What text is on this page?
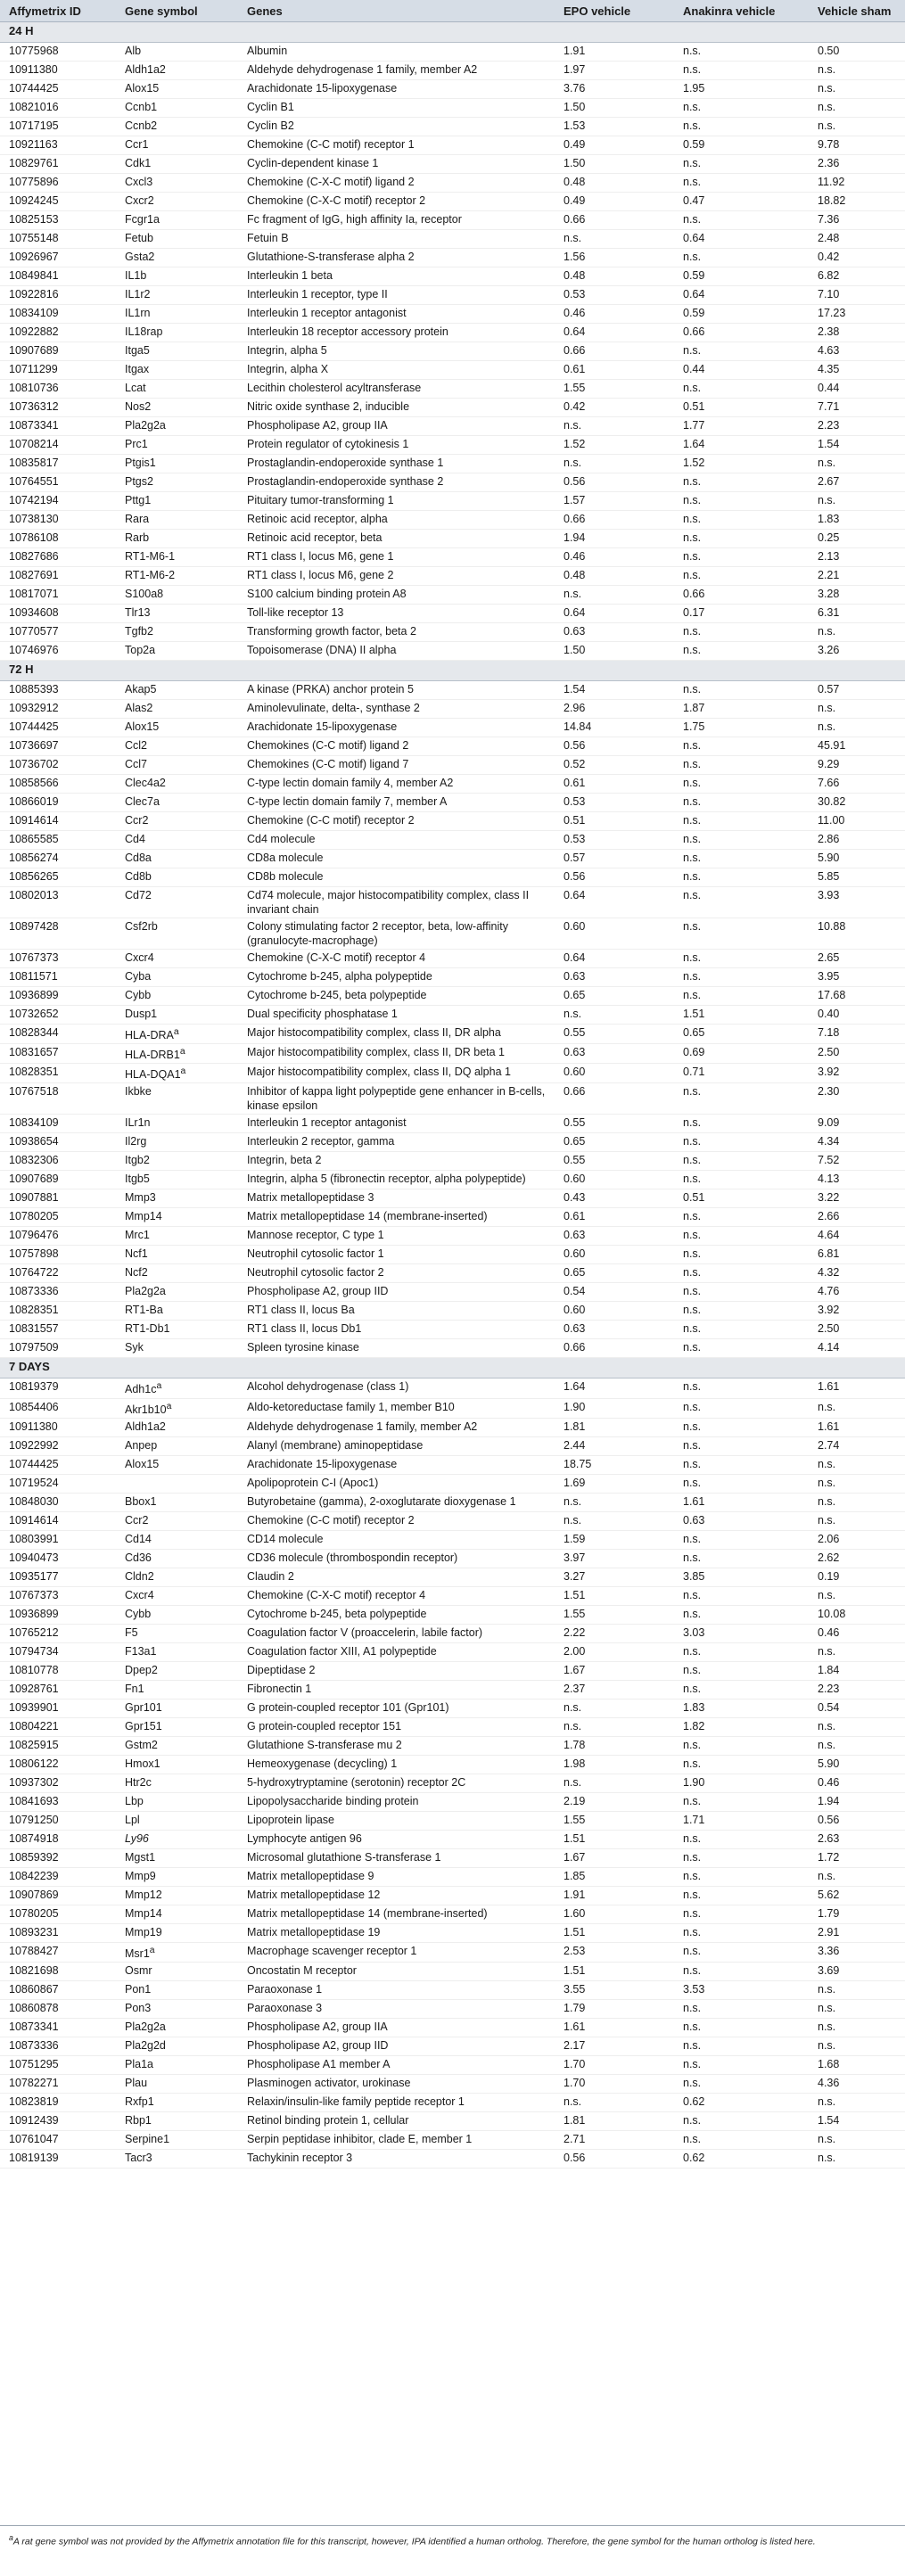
Affymetrix ID	Gene symbol	Genes	EPO vehicle	Anakinra vehicle	Vehicle sham
24 H					
10775968	Alb	Albumin	1.91	n.s.	0.50
10911380	Aldh1a2	Aldehyde dehydrogenase 1 family, member A2	1.97	n.s.	n.s.
10744425	Alox15	Arachidonate 15-lipoxygenase	3.76	1.95	n.s.
10821016	Ccnb1	Cyclin B1	1.50	n.s.	n.s.
10717195	Ccnb2	Cyclin B2	1.53	n.s.	n.s.
10921163	Ccr1	Chemokine (C-C motif) receptor 1	0.49	0.59	9.78
10829761	Cdk1	Cyclin-dependent kinase 1	1.50	n.s.	2.36
10775896	Cxcl3	Chemokine (C-X-C motif) ligand 2	0.48	n.s.	11.92
10924245	Cxcr2	Chemokine (C-X-C motif) receptor 2	0.49	0.47	18.82
10825153	Fcgr1a	Fc fragment of IgG, high affinity Ia, receptor	0.66	n.s.	7.36
10755148	Fetub	Fetuin B	n.s.	0.64	2.48
10926967	Gsta2	Glutathione-S-transferase alpha 2	1.56	n.s.	0.42
10849841	IL1b	Interleukin 1 beta	0.48	0.59	6.82
10922816	IL1r2	Interleukin 1 receptor, type II	0.53	0.64	7.10
10834109	IL1rn	Interleukin 1 receptor antagonist	0.46	0.59	17.23
10922882	IL18rap	Interleukin 18 receptor accessory protein	0.64	0.66	2.38
10907689	Itga5	Integrin, alpha 5	0.66	n.s.	4.63
10711299	Itgax	Integrin, alpha X	0.61	0.44	4.35
10810736	Lcat	Lecithin cholesterol acyltransferase	1.55	n.s.	0.44
10736312	Nos2	Nitric oxide synthase 2, inducible	0.42	0.51	7.71
10873341	Pla2g2a	Phospholipase A2, group IIA	n.s.	1.77	2.23
10708214	Prc1	Protein regulator of cytokinesis 1	1.52	1.64	1.54
10835817	Ptgis1	Prostaglandin-endoperoxide synthase 1	n.s.	1.52	n.s.
10764551	Ptgs2	Prostaglandin-endoperoxide synthase 2	0.56	n.s.	2.67
10742194	Pttg1	Pituitary tumor-transforming 1	1.57	n.s.	n.s.
10738130	Rara	Retinoic acid receptor, alpha	0.66	n.s.	1.83
10786108	Rarb	Retinoic acid receptor, beta	1.94	n.s.	0.25
10827686	RT1-M6-1	RT1 class I, locus M6, gene 1	0.46	n.s.	2.13
10827691	RT1-M6-2	RT1 class I, locus M6, gene 2	0.48	n.s.	2.21
10817071	S100a8	S100 calcium binding protein A8	n.s.	0.66	3.28
10934608	Tlr13	Toll-like receptor 13	0.64	0.17	6.31
10770577	Tgfb2	Transforming growth factor, beta 2	0.63	n.s.	n.s.
10746976	Top2a	Topoisomerase (DNA) II alpha	1.50	n.s.	3.26
72 H					
10885393	Akap5	A kinase (PRKA) anchor protein 5	1.54	n.s.	0.57
10932912	Alas2	Aminolevulinate, delta-, synthase 2	2.96	1.87	n.s.
10744425	Alox15	Arachidonate 15-lipoxygenase	14.84	1.75	n.s.
10736697	Ccl2	Chemokines (C-C motif) ligand 2	0.56	n.s.	45.91
10736702	Ccl7	Chemokines (C-C motif) ligand 7	0.52	n.s.	9.29
10858566	Clec4a2	C-type lectin domain family 4, member A2	0.61	n.s.	7.66
10866019	Clec7a	C-type lectin domain family 7, member A	0.53	n.s.	30.82
10914614	Ccr2	Chemokine (C-C motif) receptor 2	0.51	n.s.	11.00
10865585	Cd4	Cd4 molecule	0.53	n.s.	2.86
10856274	Cd8a	CD8a molecule	0.57	n.s.	5.90
10856265	Cd8b	CD8b molecule	0.56	n.s.	5.85
10802013	Cd72	Cd74 molecule, major histocompatibility complex, class II invariant chain	0.64	n.s.	3.93
10897428	Csf2rb	Colony stimulating factor 2 receptor, beta, low-affinity (granulocyte-macrophage)	0.60	n.s.	10.88
10767373	Cxcr4	Chemokine (C-X-C motif) receptor 4	0.64	n.s.	2.65
10811571	Cyba	Cytochrome b-245, alpha polypeptide	0.63	n.s.	3.95
10936899	Cybb	Cytochrome b-245, beta polypeptide	0.65	n.s.	17.68
10732652	Dusp1	Dual specificity phosphatase 1	n.s.	1.51	0.40
10828344	HLA-DRA$^a$	Major histocompatibility complex, class II, DR alpha	0.55	0.65	7.18
10831657	HLA-DRB1$^a$	Major histocompatibility complex, class II, DR beta 1	0.63	0.69	2.50
10828351	HLA-DQA1$^a$	Major histocompatibility complex, class II, DQ alpha 1	0.60	0.71	3.92
10767518	Ikbke	Inhibitor of kappa light polypeptide gene enhancer in B-cells, kinase epsilon	0.66	n.s.	2.30
10834109	ILr1n	Interleukin 1 receptor antagonist	0.55	n.s.	9.09
10938654	Il2rg	Interleukin 2 receptor, gamma	0.65	n.s.	4.34
10832306	Itgb2	Integrin, beta 2	0.55	n.s.	7.52
10907689	Itgb5	Integrin, alpha 5 (fibronectin receptor, alpha polypeptide)	0.60	n.s.	4.13
10907881	Mmp3	Matrix metallopeptidase 3	0.43	0.51	3.22
10780205	Mmp14	Matrix metallopeptidase 14 (membrane-inserted)	0.61	n.s.	2.66
10796476	Mrc1	Mannose receptor, C type 1	0.63	n.s.	4.64
10757898	Ncf1	Neutrophil cytosolic factor 1	0.60	n.s.	6.81
10764722	Ncf2	Neutrophil cytosolic factor 2	0.65	n.s.	4.32
10873336	Pla2g2a	Phospholipase A2, group IID	0.54	n.s.	4.76
10828351	RT1-Ba	RT1 class II, locus Ba	0.60	n.s.	3.92
10831557	RT1-Db1	RT1 class II, locus Db1	0.63	n.s.	2.50
10797509	Syk	Spleen tyrosine kinase	0.66	n.s.	4.14
7 DAYS					
10819379	$Adh1c^a$	Alcohol dehydrogenase (class 1)	1.64	n.s.	1.61
10854406	Akr1b10$^a$	Aldo-ketoreductase family 1, member B10	1.90	n.s.	n.s.
10911380	Aldh1a2	Aldehyde dehydrogenase 1 family, member A2	1.81	n.s.	1.61
10922992	Anpep	Alanyl (membrane) aminopeptidase	2.44	n.s.	2.74
10744425	Alox15	Arachidonate 15-lipoxygenase	18.75	n.s.	n.s.
10719524		Apolipoprotein C-I (Apoc1)	1.69	n.s.	n.s.
10848030	Bbox1	Butyrobetaine (gamma), 2-oxoglutarate dioxygenase 1	n.s.	1.61	n.s.
10914614	Ccr2	Chemokine (C-C motif) receptor 2	n.s.	0.63	n.s.
10803991	Cd14	CD14 molecule	1.59	n.s.	2.06
10940473	Cd36	CD36 molecule (thrombospondin receptor)	3.97	n.s.	2.62
10935177	Cldn2	Claudin 2	3.27	3.85	0.19
10767373	Cxcr4	Chemokine (C-X-C motif) receptor 4	1.51	n.s.	n.s.
10936899	Cybb	Cytochrome b-245, beta polypeptide	1.55	n.s.	10.08
10765212	F5	Coagulation factor V (proaccelerin, labile factor)	2.22	3.03	0.46
10794734	F13a1	Coagulation factor XIII, A1 polypeptide	2.00	n.s.	n.s.
10810778	Dpep2	Dipeptidase 2	1.67	n.s.	1.84
10928761	Fn1	Fibronectin 1	2.37	n.s.	2.23
10939901	Gpr101	G protein-coupled receptor 101 (Gpr101)	n.s.	1.83	0.54
10804221	Gpr151	G protein-coupled receptor 151	n.s.	1.82	n.s.
10825915	Gstm2	Glutathione S-transferase mu 2	1.78	n.s.	n.s.
10806122	Hmox1	Hemeoxygenase (decycling) 1	1.98	n.s.	5.90
10937302	Htr2c	5-hydroxytryptamine (serotonin) receptor 2C	n.s.	1.90	0.46
10841693	Lbp	Lipopolysaccharide binding protein	2.19	n.s.	1.94
10791250	Lpl	Lipoprotein lipase	1.55	1.71	0.56
10874918	Ly96	Lymphocyte antigen 96	1.51	n.s.	2.63
10859392	Mgst1	Microsomal glutathione S-transferase 1	1.67	n.s.	1.72
10842239	Mmp9	Matrix metallopeptidase 9	1.85	n.s.	n.s.
10907869	Mmp12	Matrix metallopeptidase 12	1.91	n.s.	5.62
10780205	Mmp14	Matrix metallopeptidase 14 (membrane-inserted)	1.60	n.s.	1.79
10893231	Mmp19	Matrix metallopeptidase 19	1.51	n.s.	2.91
10788427	Msr1$^a$	Macrophage scavenger receptor 1	2.53	n.s.	3.36
10821698	Osmr	Oncostatin M receptor	1.51	n.s.	3.69
10860867	Pon1	Paraoxonase 1	3.55	3.53	n.s.
10860878	Pon3	Paraoxonase 3	1.79	n.s.	n.s.
10873341	Pla2g2a	Phospholipase A2, group IIA	1.61	n.s.	n.s.
10873336	Pla2g2d	Phospholipase A2, group IID	2.17	n.s.	n.s.
10751295	Pla1a	Phospholipase A1 member A	1.70	n.s.	1.68
10782271	Plau	Plasminogen activator, urokinase	1.70	n.s.	4.36
10823819	Rxfp1	Relaxin/insulin-like family peptide receptor 1	n.s.	0.62	n.s.
10912439	Rbp1	Retinol binding protein 1, cellular	1.81	n.s.	1.54
10761047	Serpine1	Serpin peptidase inhibitor, clade E, member 1	2.71	n.s.	n.s.
10819139	Tacr3	Tachykinin receptor 3	0.56	0.62	n.s.
$^a$A rat gene symbol was not provided by the Affymetrix annotation file for this transcript, however, IPA identified a human ortholog. Therefore, the gene symbol for the human ortholog is listed here.
